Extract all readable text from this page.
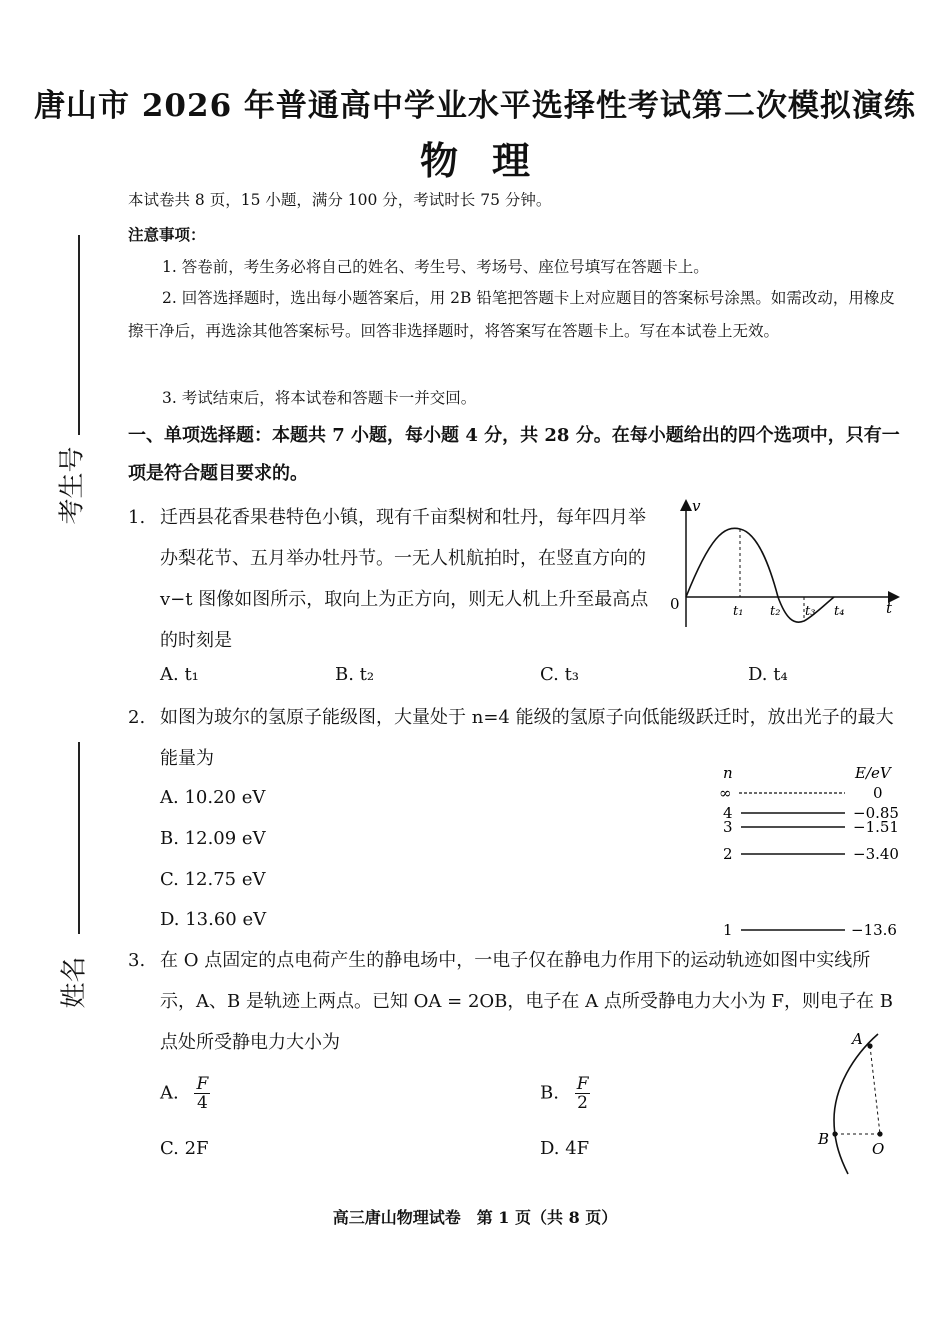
考生号
姓名
唐山市 2026 年普通高中学业水平选择性考试第二次模拟演练
物理
本试卷共 8 页，15 小题，满分 100 分，考试时长 75 分钟。
注意事项：
1. 答卷前，考生务必将自己的姓名、考生号、考场号、座位号填写在答题卡上。
2. 回答选择题时，选出每小题答案后，用 2B 铅笔把答题卡上对应题目的答案标号涂黑。如需改动，用橡皮擦干净后，再选涂其他答案标号。回答非选择题时，将答案写在答题卡上。写在本试卷上无效。
3. 考试结束后，将本试卷和答题卡一并交回。
一、单项选择题：本题共 7 小题，每小题 4 分，共 28 分。在每小题给出的四个选项中，只有一项是符合题目要求的。
1. 迁西县花香果巷特色小镇，现有千亩梨树和牡丹，每年四月举办梨花节、五月举办牡丹节。一无人机航拍时，在竖直方向的 v−t 图像如图所示，取向上为正方向，则无人机上升至最高点的时刻是
v
t
0	t₁ t₂ t₃ t₄
A. t₁	B. t₂	C. t₃	D. t₄
2. 如图为玻尔的氢原子能级图，大量处于 n=4 能级的氢原子向低能级跃迁时，放出光子的最大能量为
A. 10.20 eV
B. 12.09 eV
C. 12.75 eV
D. 13.60 eV
n	E/eV
∞	0
4	−0.85
3	−1.51
2	−3.40
1	−13.6
3. 在 O 点固定的点电荷产生的静电场中，一电子仅在静电力作用下的运动轨迹如图中实线所示，A、B 是轨迹上两点。已知 OA = 2OB，电子在 A 点所受静电力大小为 F，则电子在 B 点处所受静电力大小为
A. $\frac{F}{4}$	B. $\frac{F}{2}$
C. 2F	D. 4F
A
B
O
高三唐山物理试卷　第 1 页（共 8 页）
